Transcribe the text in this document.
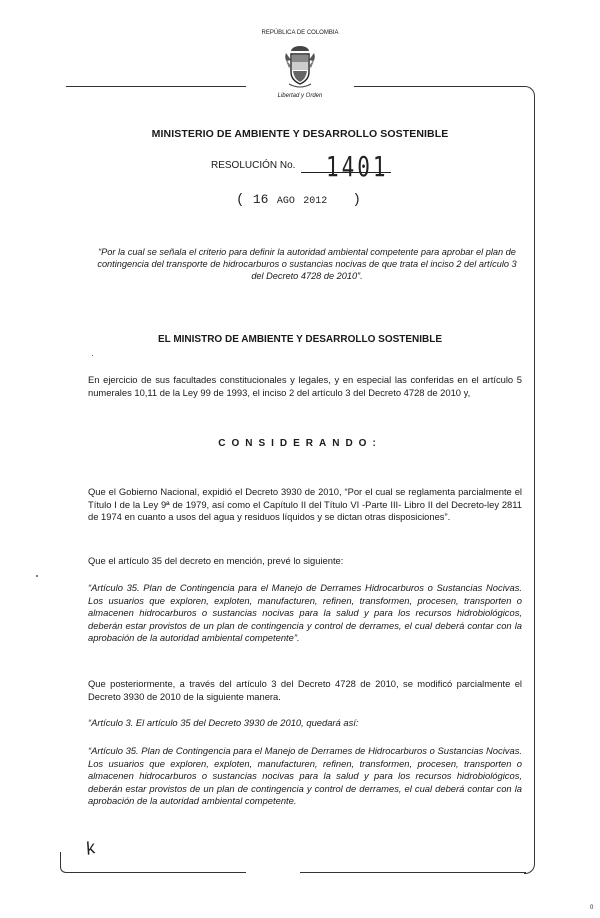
REPÚBLICA DE COLOMBIA
Libertad y Orden
MINISTERIO DE AMBIENTE Y DESARROLLO SOSTENIBLE
RESOLUCIÓN No. 1401
( 16 AGO 2012 )
“Por la cual se señala el criterio para definir la autoridad ambiental competente para aprobar el plan de contingencia del transporte de hidrocarburos o sustancias nocivas de que trata el inciso 2 del artículo 3 del Decreto 4728 de 2010”.
EL MINISTRO DE AMBIENTE Y DESARROLLO SOSTENIBLE
En ejercicio de sus facultades constitucionales y legales, y en especial las conferidas en el artículo 5 numerales 10,11 de la Ley 99 de 1993, el inciso 2 del artículo 3 del Decreto 4728 de 2010 y,
CONSIDERANDO:
Que el Gobierno Nacional, expidió el Decreto 3930 de 2010, “Por el cual se reglamenta parcialmente el Título I de la Ley 9ª de 1979, así como el Capítulo II del Título VI -Parte III- Libro II del Decreto-ley 2811 de 1974 en cuanto a usos del agua y residuos líquidos y se dictan otras disposiciones”.
Que el artículo 35 del decreto en mención, prevé lo siguiente:
“Artículo 35. Plan de Contingencia para el Manejo de Derrames Hidrocarburos o Sustancias Nocivas. Los usuarios que exploren, exploten, manufacturen, refinen, transformen, procesen, transporten o almacenen hidrocarburos o sustancias nocivas para la salud y para los recursos hidrobiológicos, deberán estar provistos de un plan de contingencia y control de derrames, el cual deberá contar con la aprobación de la autoridad ambiental competente”.
Que posteriormente, a través del artículo 3 del Decreto 4728 de 2010, se modificó parcialmente el Decreto 3930 de 2010 de la siguiente manera.
“Artículo 3. El artículo 35 del Decreto 3930 de 2010, quedará así:
“Artículo 35. Plan de Contingencia para el Manejo de Derrames de Hidrocarburos o Sustancias Nocivas. Los usuarios que exploren, exploten, manufacturen, refinen, transformen, procesen, transporten o almacenen hidrocarburos o sustancias nocivas para la salud y para los recursos hidrobiológicos, deberán estar provistos de un plan de contingencia y control de derrames, el cual deberá contar con la aprobación de la autoridad ambiental competente.
k
0
